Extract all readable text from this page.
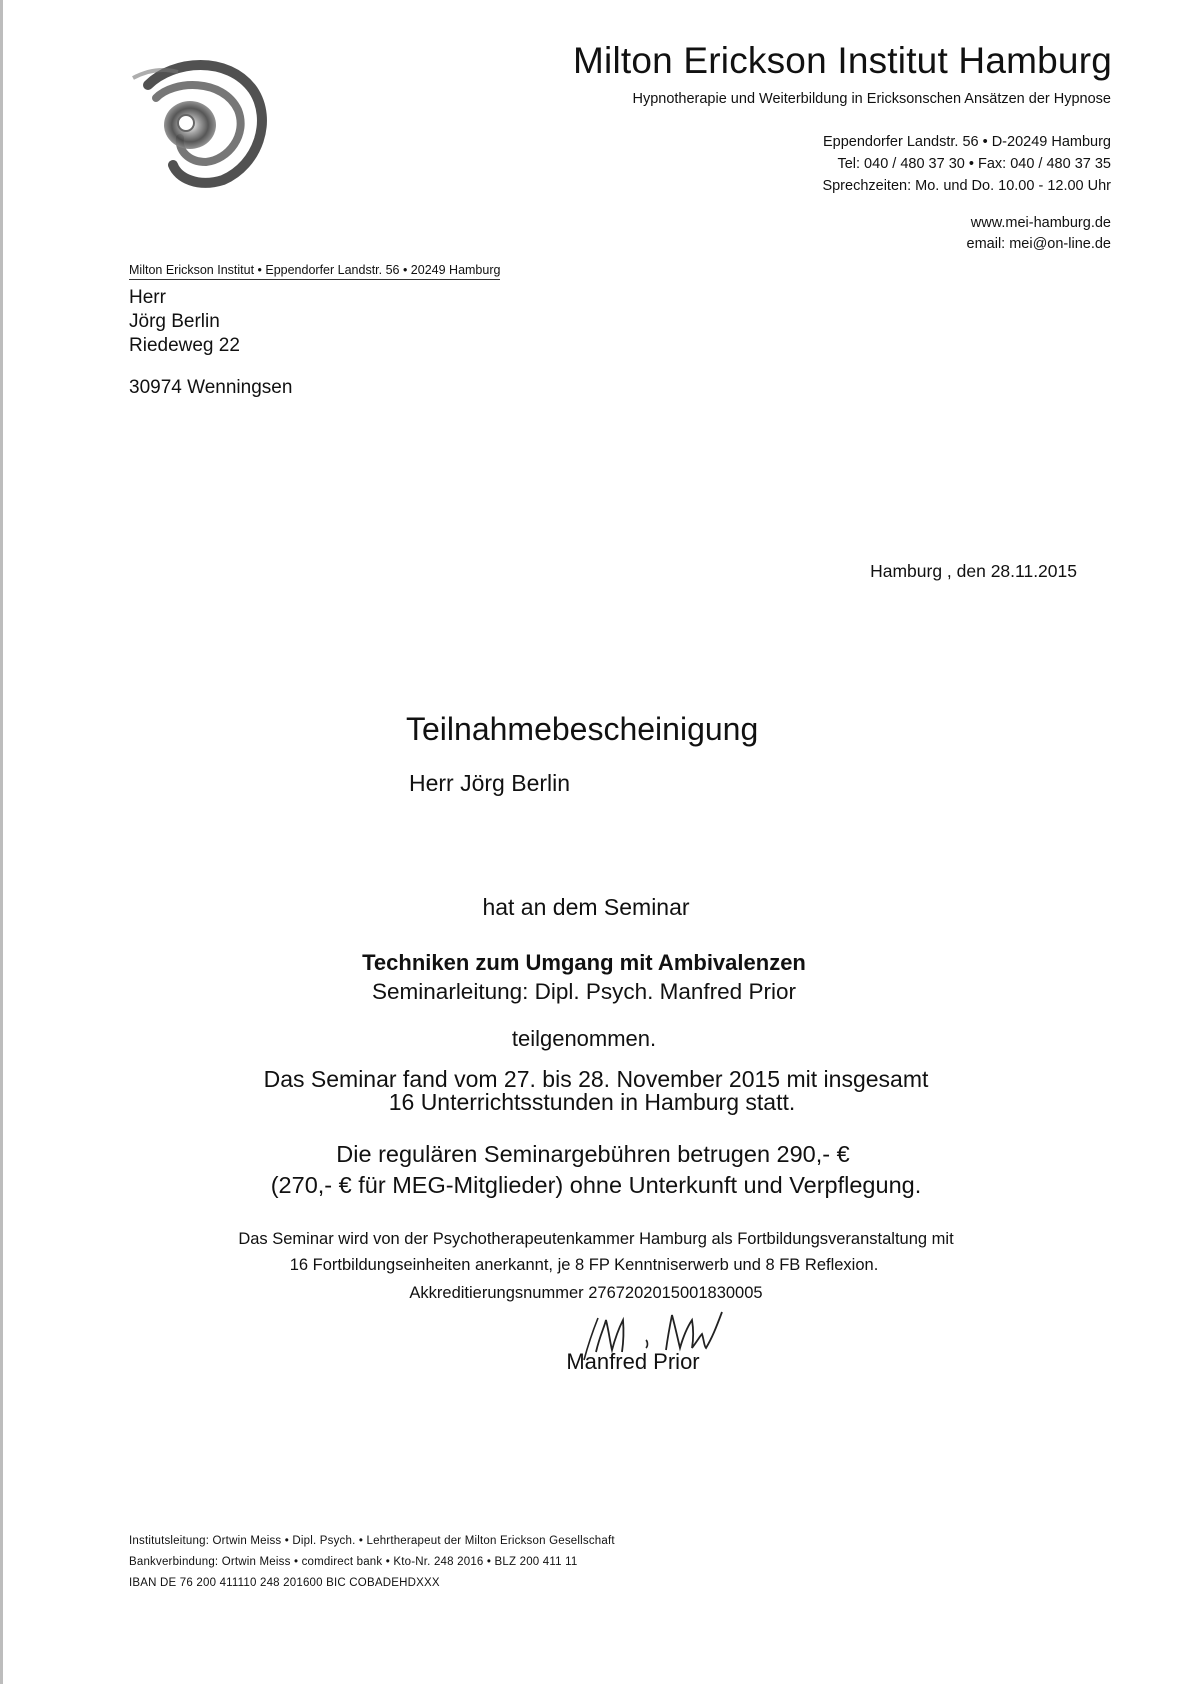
Milton Erickson Institut Hamburg
Hypnotherapie und Weiterbildung in Ericksonschen Ansätzen der Hypnose
Eppendorfer Landstr. 56 • D-20249 Hamburg
Tel: 040 / 480 37 30 • Fax: 040 / 480 37 35
Sprechzeiten: Mo. und Do. 10.00 - 12.00 Uhr
www.mei-hamburg.de
email: mei@on-line.de
Milton Erickson Institut • Eppendorfer Landstr. 56 • 20249 Hamburg
Herr
Jörg Berlin
Riedeweg 22
30974 Wenningsen
Hamburg , den 28.11.2015
Teilnahmebescheinigung
Herr Jörg Berlin
hat an dem Seminar
Techniken zum Umgang mit Ambivalenzen
Seminarleitung: Dipl. Psych. Manfred Prior
teilgenommen.
Das Seminar fand vom 27. bis 28. November 2015 mit insgesamt
16 Unterrichtsstunden in Hamburg statt.
Die regulären Seminargebühren betrugen 290,- €
(270,- € für MEG-Mitglieder) ohne Unterkunft und Verpflegung.
Das Seminar wird von der Psychotherapeutenkammer Hamburg als Fortbildungsveranstaltung mit
16 Fortbildungseinheiten anerkannt, je 8 FP Kenntniserwerb und 8 FB Reflexion.
Akkreditierungsnummer 2767202015001830005
Manfred Prior
Institutsleitung: Ortwin Meiss • Dipl. Psych. • Lehrtherapeut der Milton Erickson Gesellschaft
Bankverbindung: Ortwin Meiss • comdirect bank • Kto-Nr. 248 2016 • BLZ 200 411 11
IBAN DE 76 200 411110 248 201600 BIC COBADEHDXXX
